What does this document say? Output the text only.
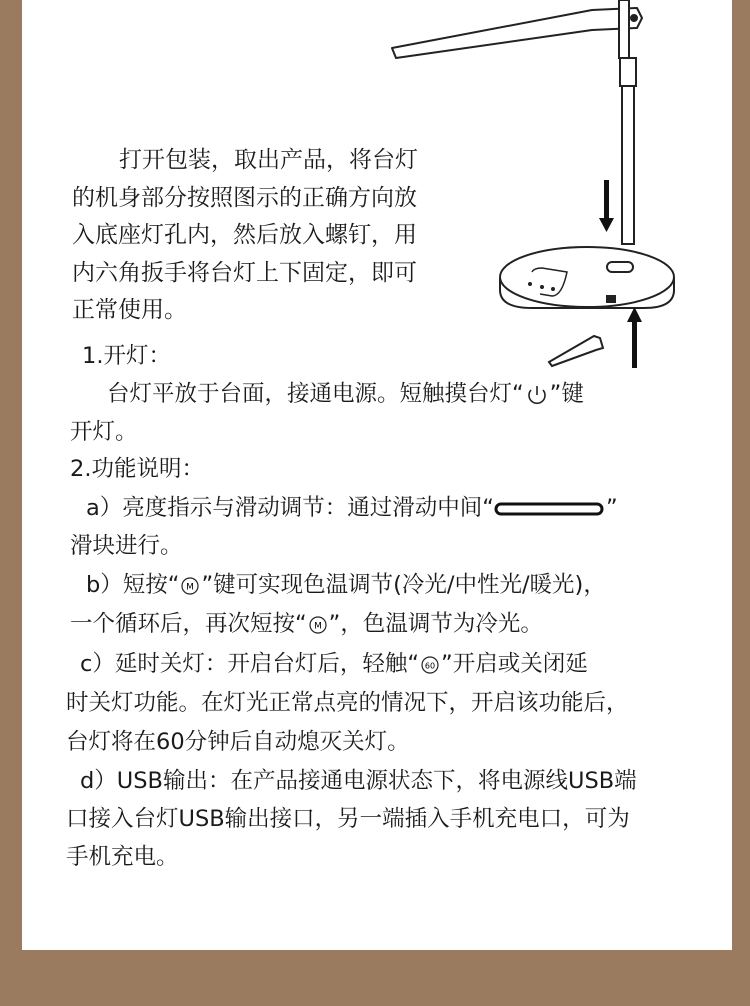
打开包装，取出产品，将台灯
的机身部分按照图示的正确方向放
入底座灯孔内，然后放入螺钉，用
内六角扳手将台灯上下固定，即可
正常使用。
1.开灯：
台灯平放于台面，接通电源。短触摸台灯“ ”键
开灯。
2.功能说明：
a）亮度指示与滑动调节：通过滑动中间“	”
滑块进行。
b）短按“ M ”键可实现色温调节(冷光/中性光/暖光)，
一个循环后，再次短按“ M ”，色温调节为冷光。
c）延时关灯：开启台灯后，轻触“ 60 ”开启或关闭延
时关灯功能。在灯光正常点亮的情况下，开启该功能后，
台灯将在60分钟后自动熄灭关灯。
d）USB输出：在产品接通电源状态下，将电源线USB端
口接入台灯USB输出接口，另一端插入手机充电口，可为
手机充电。
